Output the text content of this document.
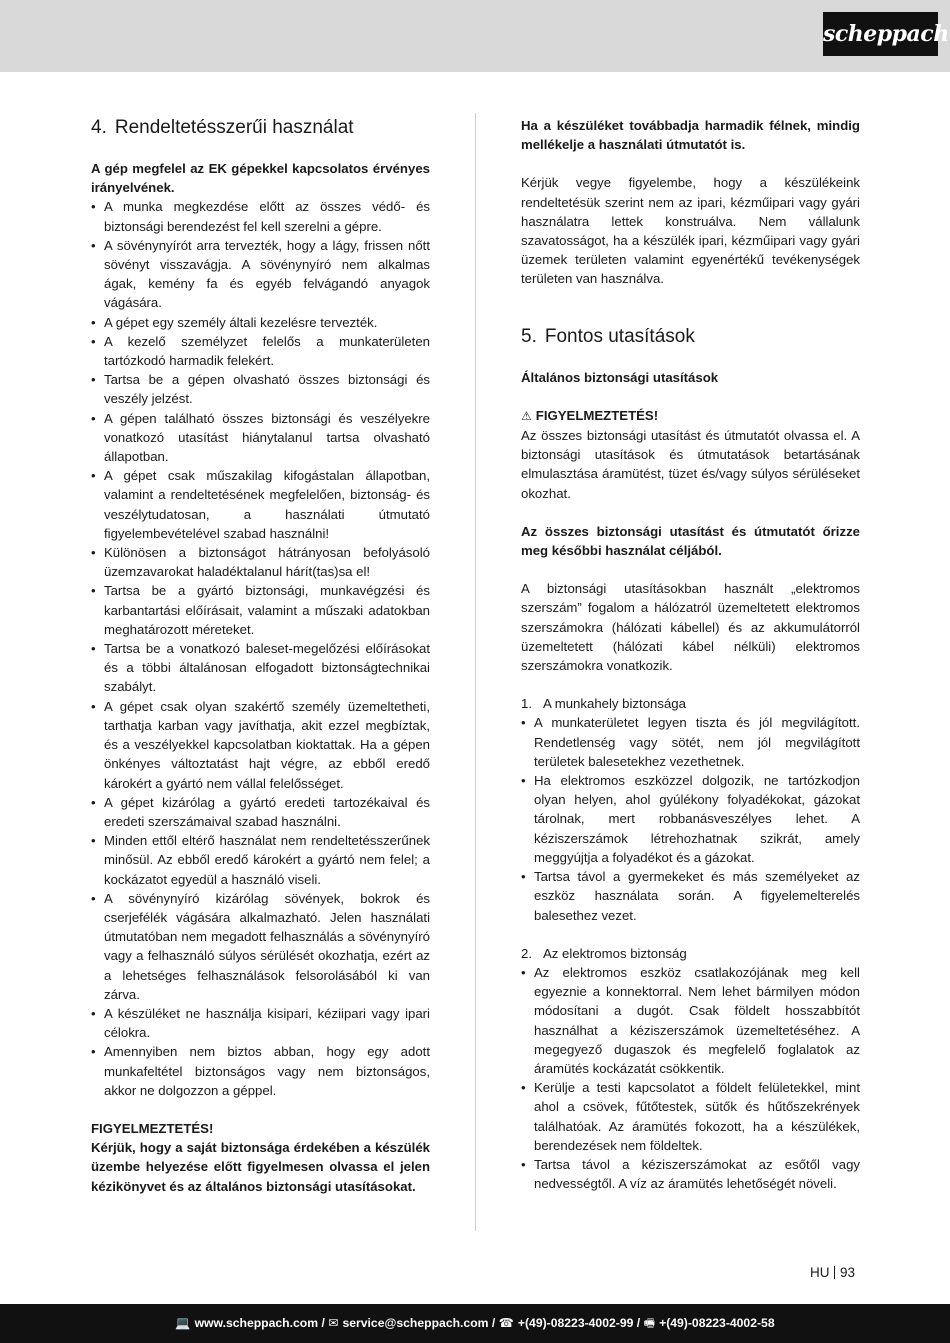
scheppach
4. Rendeltetésszerűi használat

A gép megfelel az EK gépekkel kapcsolatos érvényes irányelvének.

• A munka megkezdése előtt az összes védő- és biztonsági berendezést fel kell szerelni a gépre.
• A sövénynyírót arra tervezték, hogy a lágy, frissen nőtt sövényt visszavágja. A sövénynyíró nem alkalmas ágak, kemény fa és egyéb felvágandó anyagok vágására.
• A gépet egy személy általi kezelésre tervezték.
• A kezelő személyzet felelős a munkaterületen tartózkodó harmadik felekért.
• Tartsa be a gépen olvasható összes biztonsági és veszély jelzést.
• A gépen található összes biztonsági és veszélyekre vonatkozó utasítást hiánytalanul tartsa olvasható állapotban.
• A gépet csak műszakilag kifogástalan állapotban, valamint a rendeltetésének megfelelően, biztonság- és veszélytudatosan, a használati útmutató figyelembevételével szabad használni!
• Különösen a biztonságot hátrányosan befolyásoló üzemzavarokat haladéktalanul hárít(tas)sa el!
• Tartsa be a gyártó biztonsági, munkavégzési és karbantartási előírásait, valamint a műszaki adatokban meghatározott méreteket.
• Tartsa be a vonatkozó baleset-megelőzési előírásokat és a többi általánosan elfogadott biztonságtechnikai szabályt.
• A gépet csak olyan szakértő személy üzemeltetheti, tarthatja karban vagy javíthatja, akit ezzel megbíztak, és a veszélyekkel kapcsolatban kioktattak. Ha a gépen önkényes változtatást hajt végre, az ebből eredő károkért a gyártó nem vállal felelősséget.
• A gépet kizárólag a gyártó eredeti tartozékaival és eredeti szerszámaival szabad használni.
• Minden ettől eltérő használat nem rendeltetésszerűnek minősül. Az ebből eredő károkért a gyártó nem felel; a kockázatot egyedül a használó viseli.
• A sövénynyíró kizárólag sövények, bokrok és cserjefélék vágására alkalmazható. Jelen használati útmutatóban nem megadott felhasználás a sövénynyíró vagy a felhasználó súlyos sérülését okozhatja, ezért az a lehetséges felhasználások felsorolásából ki van zárva.
• A készüléket ne használja kisipari, kéziipari vagy ipari célokra.
• Amennyiben nem biztos abban, hogy egy adott munkafeltétel biztonságos vagy nem biztonságos, akkor ne dolgozzon a géppel.

FIGYELMEZTETÉS!

Kérjük, hogy a saját biztonsága érdekében a készülék üzembe helyezése előtt figyelmesen olvassa el jelen kézikönyvet és az általános biztonsági utasításokat.

Ha a készüléket továbbadja harmadik félnek, mindig mellékelje a használati útmutatót is.

Kérjük vegye figyelembe, hogy a készülékeink rendeltetésük szerint nem az ipari, kézműipari vagy gyári használatra lettek konstruálva. Nem vállalunk szavatosságot, ha a készülék ipari, kézműipari vagy gyári üzemek területen valamint egyenértékű tevékenységek területen van használva.

5. Fontos utasítások

Általános biztonsági utasítások

⚠ FIGYELMEZTETÉS!

Az összes biztonsági utasítást és útmutatót olvassa el. A biztonsági utasítások és útmutatások betartásának elmulasztása áramütést, tüzet és/vagy súlyos sérüléseket okozhat.

Az összes biztonsági utasítást és útmutatót őrizze meg későbbi használat céljából.

A biztonsági utasításokban használt „elektromos szerszám” fogalom a hálózatról üzemeltetett elektromos szerszámokra (hálózati kábellel) és az akkumulátorról üzemeltetett (hálózati kábel nélküli) elektromos szerszámokra vonatkozik.

1. A munkahely biztonsága

• A munkaterületet legyen tiszta és jól megvilágított. Rendetlenség vagy sötét, nem jól megvilágított területek balesetekhez vezethetnek.
• Ha elektromos eszközzel dolgozik, ne tartózkodjon olyan helyen, ahol gyúlékony folyadékokat, gázokat tárolnak, mert robbanásveszélyes lehet. A kéziszerszámok létrehozhatnak szikrát, amely meggyújtja a folyadékot és a gázokat.
• Tartsa távol a gyermekeket és más személyeket az eszköz használata során. A figyelemelterelés balesethez vezet.

2. Az elektromos biztonság

• Az elektromos eszköz csatlakozójának meg kell egyeznie a konnektorral. Nem lehet bármilyen módon módosítani a dugót. Csak földelt hosszabbítót használhat a kéziszerszámok üzemeltetéséhez. A megegyező dugaszok és megfelelő foglalatok az áramütés kockázatát csökkentik.
• Kerülje a testi kapcsolatot a földelt felületekkel, mint ahol a csövek, fűtőtestek, sütők és hűtőszekrények találhatóak. Az áramütés fokozott, ha a készülékek, berendezések nem földeltek.
• Tartsa távol a kéziszerszámokat az esőtől vagy nedvességtől. A víz az áramütés lehetőségét növeli.
HU 93
💻 www.scheppach.com / ✉ service@scheppach.com / ☎ +(49)-08223-4002-99 / 🖷 +(49)-08223-4002-58
